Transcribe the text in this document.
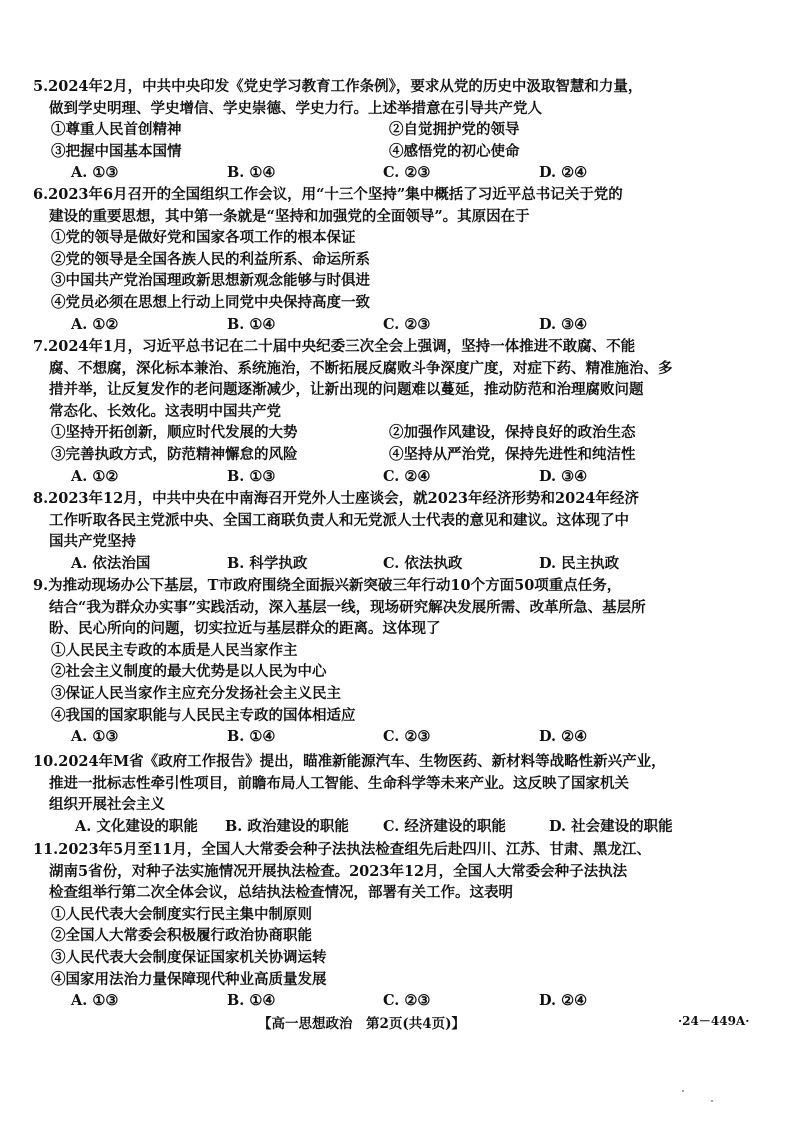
5.2024年2月，中共中央印发《党史学习教育工作条例》，要求从党的历史中汲取智慧和力量，
做到学史明理、学史增信、学史崇德、学史力行。上述举措意在引导共产党人
①尊重人民首创精神	②自觉拥护党的领导
③把握中国基本国情	④感悟党的初心使命
A. ①③	B. ①④	C. ②③	D. ②④
6.2023年6月召开的全国组织工作会议，用“十三个坚持”集中概括了习近平总书记关于党的
建设的重要思想，其中第一条就是“坚持和加强党的全面领导”。其原因在于
①党的领导是做好党和国家各项工作的根本保证
②党的领导是全国各族人民的利益所系、命运所系
③中国共产党治国理政新思想新观念能够与时俱进
④党员必须在思想上行动上同党中央保持高度一致
A. ①②	B. ①④	C. ②③	D. ③④
7.2024年1月，习近平总书记在二十届中央纪委三次全会上强调，坚持一体推进不敢腐、不能
腐、不想腐，深化标本兼治、系统施治，不断拓展反腐败斗争深度广度，对症下药、精准施治、多
措并举，让反复发作的老问题逐渐减少，让新出现的问题难以蔓延，推动防范和治理腐败问题
常态化、长效化。这表明中国共产党
①坚持开拓创新，顺应时代发展的大势	②加强作风建设，保持良好的政治生态
③完善执政方式，防范精神懈怠的风险	④坚持从严治党，保持先进性和纯洁性
A. ①②	B. ①③	C. ②④	D. ③④
8.2023年12月，中共中央在中南海召开党外人士座谈会，就2023年经济形势和2024年经济
工作听取各民主党派中央、全国工商联负责人和无党派人士代表的意见和建议。这体现了中
国共产党坚持
A. 依法治国	B. 科学执政	C. 依法执政	D. 民主执政
9.为推动现场办公下基层，T市政府围绕全面振兴新突破三年行动10个方面50项重点任务，
结合“我为群众办实事”实践活动，深入基层一线，现场研究解决发展所需、改革所急、基层所
盼、民心所向的问题，切实拉近与基层群众的距离。这体现了
①人民民主专政的本质是人民当家作主
②社会主义制度的最大优势是以人民为中心
③保证人民当家作主应充分发扬社会主义民主
④我国的国家职能与人民民主专政的国体相适应
A. ①③	B. ①④	C. ②③	D. ②④
10.2024年M省《政府工作报告》提出，瞄准新能源汽车、生物医药、新材料等战略性新兴产业，
推进一批标志性牵引性项目，前瞻布局人工智能、生命科学等未来产业。这反映了国家机关
组织开展社会主义
A. 文化建设的职能	B. 政治建设的职能	C. 经济建设的职能	D. 社会建设的职能
11.2023年5月至11月，全国人大常委会种子法执法检查组先后赴四川、江苏、甘肃、黑龙江、
湖南5省份，对种子法实施情况开展执法检查。2023年12月，全国人大常委会种子法执法
检查组举行第二次全体会议，总结执法检查情况，部署有关工作。这表明
①人民代表大会制度实行民主集中制原则
②全国人大常委会积极履行政治协商职能
③人民代表大会制度保证国家机关协调运转
④国家用法治力量保障现代种业高质量发展
A. ①③	B. ①④	C. ②③	D. ②④
【高一思想政治　第2页(共4页)】	·24－449A·
